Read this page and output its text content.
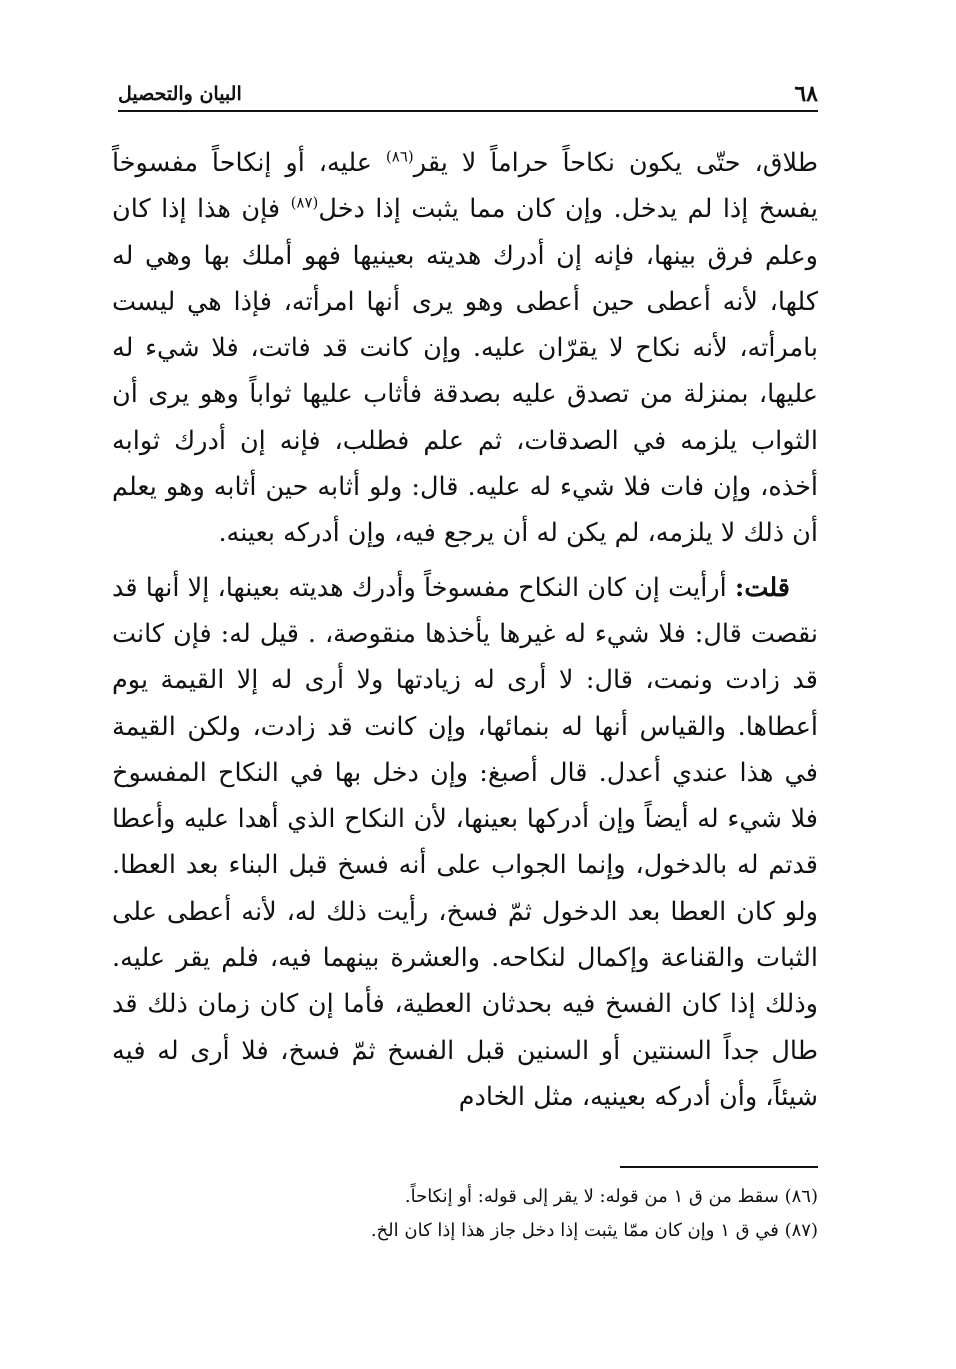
٦٨
البيان والتحصيل

طلاق، حتّى يكون نكاحاً حراماً لا يقر$^{(٨٦)}$ عليه، أو إنكاحاً مفسوخاً يفسخ إذا لم يدخل. وإن كان مما يثبت إذا دخل$^{(٨٧)}$ فإن هذا إذا كان وعلم فرق بينها، فإنه إن أدرك هديته بعينيها فهو أملك بها وهي له كلها، لأنه أعطى حين أعطى وهو يرى أنها امرأته، فإذا هي ليست بامرأته، لأنه نكاح لا يقرّان عليه. وإن كانت قد فاتت، فلا شيء له عليها، بمنزلة من تصدق عليه بصدقة فأثاب عليها ثواباً وهو يرى أن الثواب يلزمه في الصدقات، ثم علم فطلب، فإنه إن أدرك ثوابه أخذه، وإن فات فلا شيء له عليه. قال: ولو أثابه حين أثابه وهو يعلم أن ذلك لا يلزمه، لم يكن له أن يرجع فيه، وإن أدركه بعينه.

قلت: أرأيت إن كان النكاح مفسوخاً وأدرك هديته بعينها، إلا أنها قد نقصت قال: فلا شيء له غيرها يأخذها منقوصة، . قيل له: فإن كانت قد زادت ونمت، قال: لا أرى له زيادتها ولا أرى له إلا القيمة يوم أعطاها. والقياس أنها له بنمائها، وإن كانت قد زادت، ولكن القيمة في هذا عندي أعدل. قال أصبغ: وإن دخل بها في النكاح المفسوخ فلا شيء له أيضاً وإن أدركها بعينها، لأن النكاح الذي أهدا عليه وأعطا قدتم له بالدخول، وإنما الجواب على أنه فسخ قبل البناء بعد العطا. ولو كان العطا بعد الدخول ثمّ فسخ، رأيت ذلك له، لأنه أعطى على الثبات والقناعة وإكمال لنكاحه. والعشرة بينهما فيه، فلم يقر عليه. وذلك إذا كان الفسخ فيه بحدثان العطية، فأما إن كان زمان ذلك قد طال جداً السنتين أو السنين قبل الفسخ ثمّ فسخ، فلا أرى له فيه شيئاً، وأن أدركه بعينيه، مثل الخادم

(٨٦) سقط من ق ١ من قوله: لا يقر إلى قوله: أو إنكاحاً.

(٨٧) في ق ١ وإن كان ممّا يثبت إذا دخل جاز هذا إذا كان الخ.
